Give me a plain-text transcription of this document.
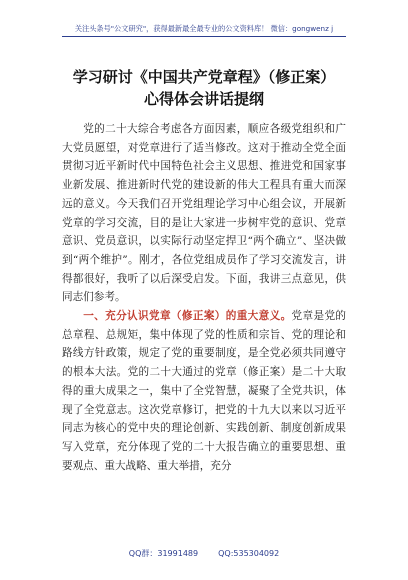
关注头条号"公文研究"，获得最新最全最专业的公文资料库！ 微信：gongwenz j
学习研讨《中国共产党章程》（修正案）
心得体会讲话提纲

党的二十大综合考虑各方面因素，顺应各级党组织和广大党员愿望，对党章进行了适当修改。这对于推动全党全面贯彻习近平新时代中国特色社会主义思想、推进党和国家事业新发展、推进新时代党的建设新的伟大工程具有重大而深远的意义。今天我们召开党组理论学习中心组会议，开展新党章的学习交流，目的是让大家进一步树牢党的意识、党章意识、党员意识，以实际行动坚定捍卫“两个确立”、坚决做到“两个维护”。刚才，各位党组成员作了学习交流发言，讲得都很好，我听了以后深受启发。下面，我讲三点意见，供同志们参考。

一、充分认识党章（修正案）的重大意义。党章是党的总章程、总规矩，集中体现了党的性质和宗旨、党的理论和路线方针政策，规定了党的重要制度，是全党必须共同遵守的根本大法。党的二十大通过的党章（修正案）是二十大取得的重大成果之一，集中了全党智慧，凝聚了全党共识，体现了全党意志。这次党章修订，把党的十九大以来以习近平同志为核心的党中央的理论创新、实践创新、制度创新成果写入党章，充分体现了党的二十大报告确立的重要思想、重要观点、重大战略、重大举措，充分

QQ群：31991489	QQ:535304092
